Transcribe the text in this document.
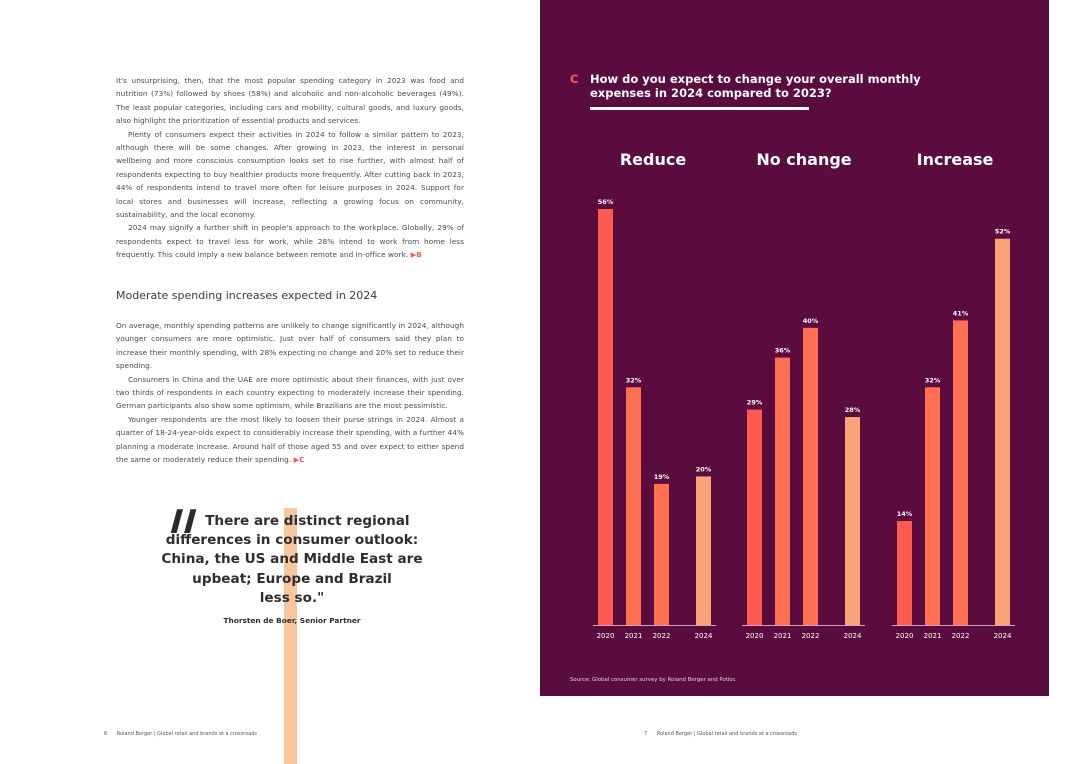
It's unsurprising, then, that the most popular spending category in 2023 was food and nutrition (73%) followed by shoes (58%) and alcoholic and non-alcoholic beverages (49%). The least popular categories, including cars and mobility, cultural goods, and luxury goods, also highlight the prioritization of essential products and services.

Plenty of consumers expect their activities in 2024 to follow a similar pattern to 2023, although there will be some changes. After growing in 2023, the interest in personal wellbeing and more conscious consumption looks set to rise further, with almost half of respondents expecting to buy healthier products more frequently. After cutting back in 2023, 44% of respondents intend to travel more often for leisure purposes in 2024. Support for local stores and businesses will increase, reflecting a growing focus on community, sustainability, and the local economy.

2024 may signify a further shift in people's approach to the workplace. Globally, 29% of respondents expect to travel less for work, while 28% intend to work from home less frequently. This could imply a new balance between remote and in-office work. ▶B

Moderate spending increases expected in 2024

On average, monthly spending patterns are unlikely to change significantly in 2024, although younger consumers are more optimistic. Just over half of consumers said they plan to increase their monthly spending, with 28% expecting no change and 20% set to reduce their spending.

Consumers in China and the UAE are more optimistic about their finances, with just over two thirds of respondents in each country expecting to moderately increase their spending. German participants also show some optimism, while Brazilians are the most pessimistic.

Younger respondents are the most likely to loosen their purse strings in 2024. Almost a quarter of 18-24-year-olds expect to considerably increase their spending, with a further 44% planning a moderate increase. Around half of those aged 55 and over expect to either spend the same or moderately reduce their spending. ▶C

▍▍There are distinct regional
differences in consumer outlook:
China, the US and Middle East are
upbeat; Europe and Brazil
less so."
Thorsten de Boer, Senior Partner
6 Roland Berger | Global retail and brands at a crossroads
C How do you expect to change your overall monthly expenses in 2024 compared to 2023?
Reduce
56%
2020
32%
2021
19%
2022
20%
2024
No change
29%
2020
36%
2021
40%
2022
28%
2024
Increase
14%
2020
32%
2021
41%
2022
52%
2024
Source: Global consumer survey by Roland Berger and Potloc
7 Roland Berger | Global retail and brands at a crossroads
